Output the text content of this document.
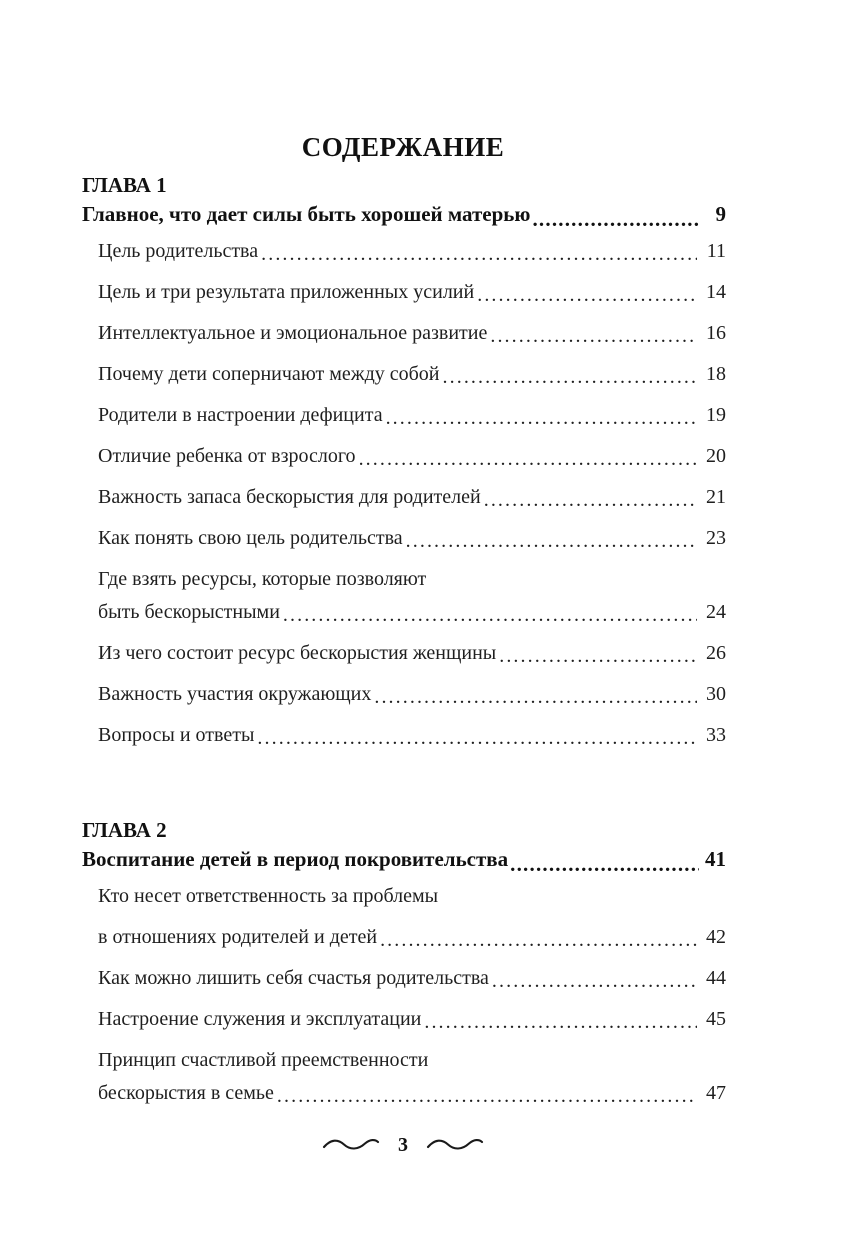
СОДЕРЖАНИЕ
ГЛАВА 1
Главное, что дает силы быть хорошей матерью .....	9
Цель родительства .....	11
Цель и три результата приложенных усилий .....	14
Интеллектуальное и эмоциональное развитие .....	16
Почему дети соперничают между собой .....	18
Родители в настроении дефицита .....	19
Отличие ребенка от взрослого .....	20
Важность запаса бескорыстия для родителей .....	21
Как понять свою цель родительства .....	23
Где взять ресурсы, которые позволяют
быть бескорыстными .....	24
Из чего состоит ресурс бескорыстия женщины .....	26
Важность участия окружающих .....	30
Вопросы и ответы .....	33
ГЛАВА 2
Воспитание детей в период покровительства .....	41
Кто несет ответственность за проблемы
в отношениях родителей и детей .....	42
Как можно лишить себя счастья родительства .....	44
Настроение служения и эксплуатации .....	45
Принцип счастливой преемственности
бескорыстия в семье .....	47
3
